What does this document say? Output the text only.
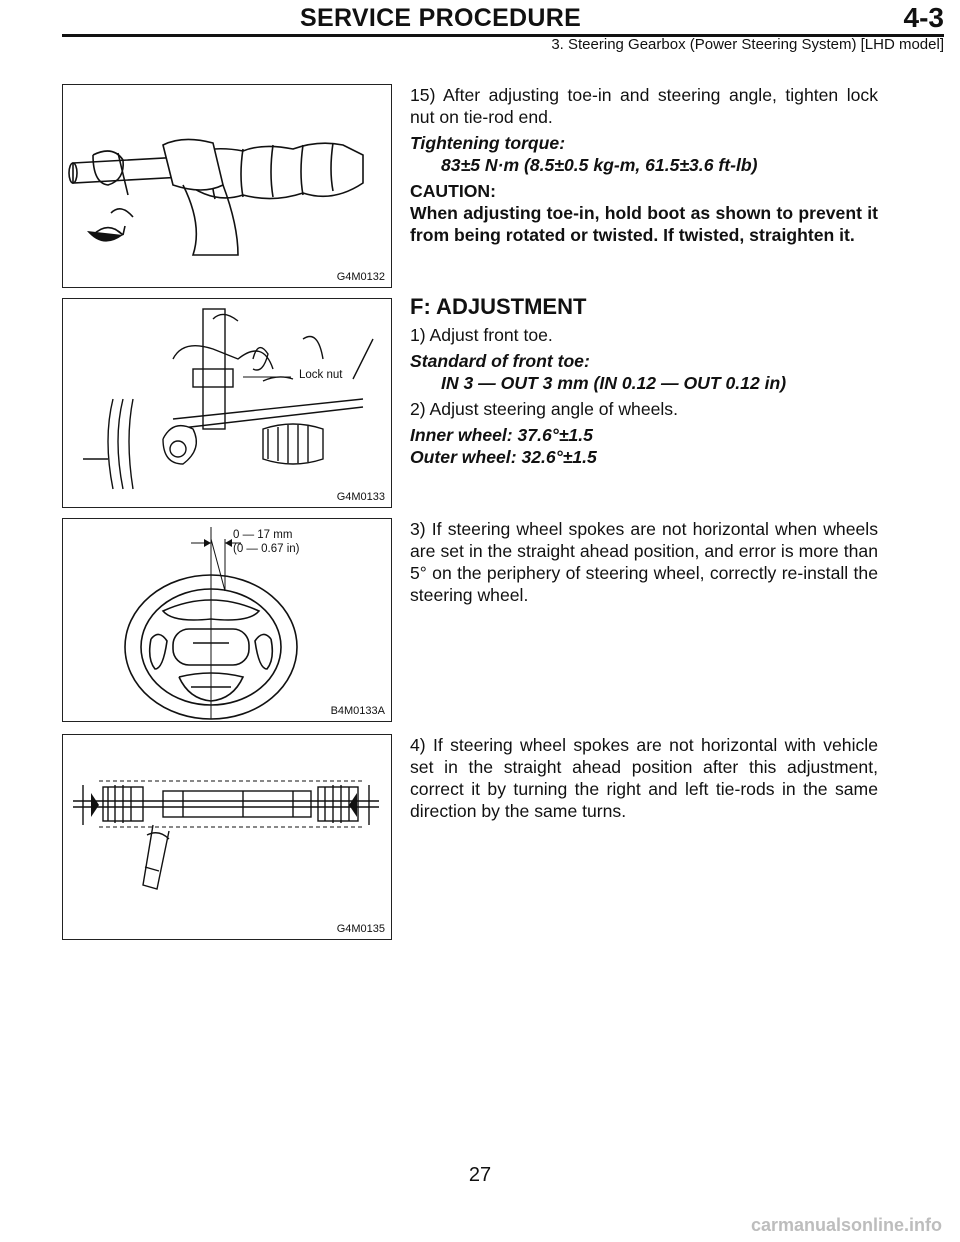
SERVICE PROCEDURE	4-3
3. Steering Gearbox (Power Steering System) [LHD model]
G4M0132
Lock nut
G4M0133
0 — 17 mm
(0 — 0.67 in)
B4M0133A
G4M0135

15) After adjusting toe-in and steering angle, tighten lock nut on tie-rod end.

Tightening torque:

83±5 N·m (8.5±0.5 kg-m, 61.5±3.6 ft-lb)

CAUTION:

When adjusting toe-in, hold boot as shown to prevent it from being rotated or twisted. If twisted, straighten it.

F: ADJUSTMENT

1) Adjust front toe.

Standard of front toe:

IN 3 — OUT 3 mm (IN 0.12 — OUT 0.12 in)

2) Adjust steering angle of wheels.

Inner wheel: 37.6°±1.5

Outer wheel: 32.6°±1.5

3) If steering wheel spokes are not horizontal when wheels are set in the straight ahead position, and error is more than 5° on the periphery of steering wheel, correctly re-install the steering wheel.

4) If steering wheel spokes are not horizontal with vehicle set in the straight ahead position after this adjustment, correct it by turning the right and left tie-rods in the same direction by the same turns.

27
carmanualsonline.info
